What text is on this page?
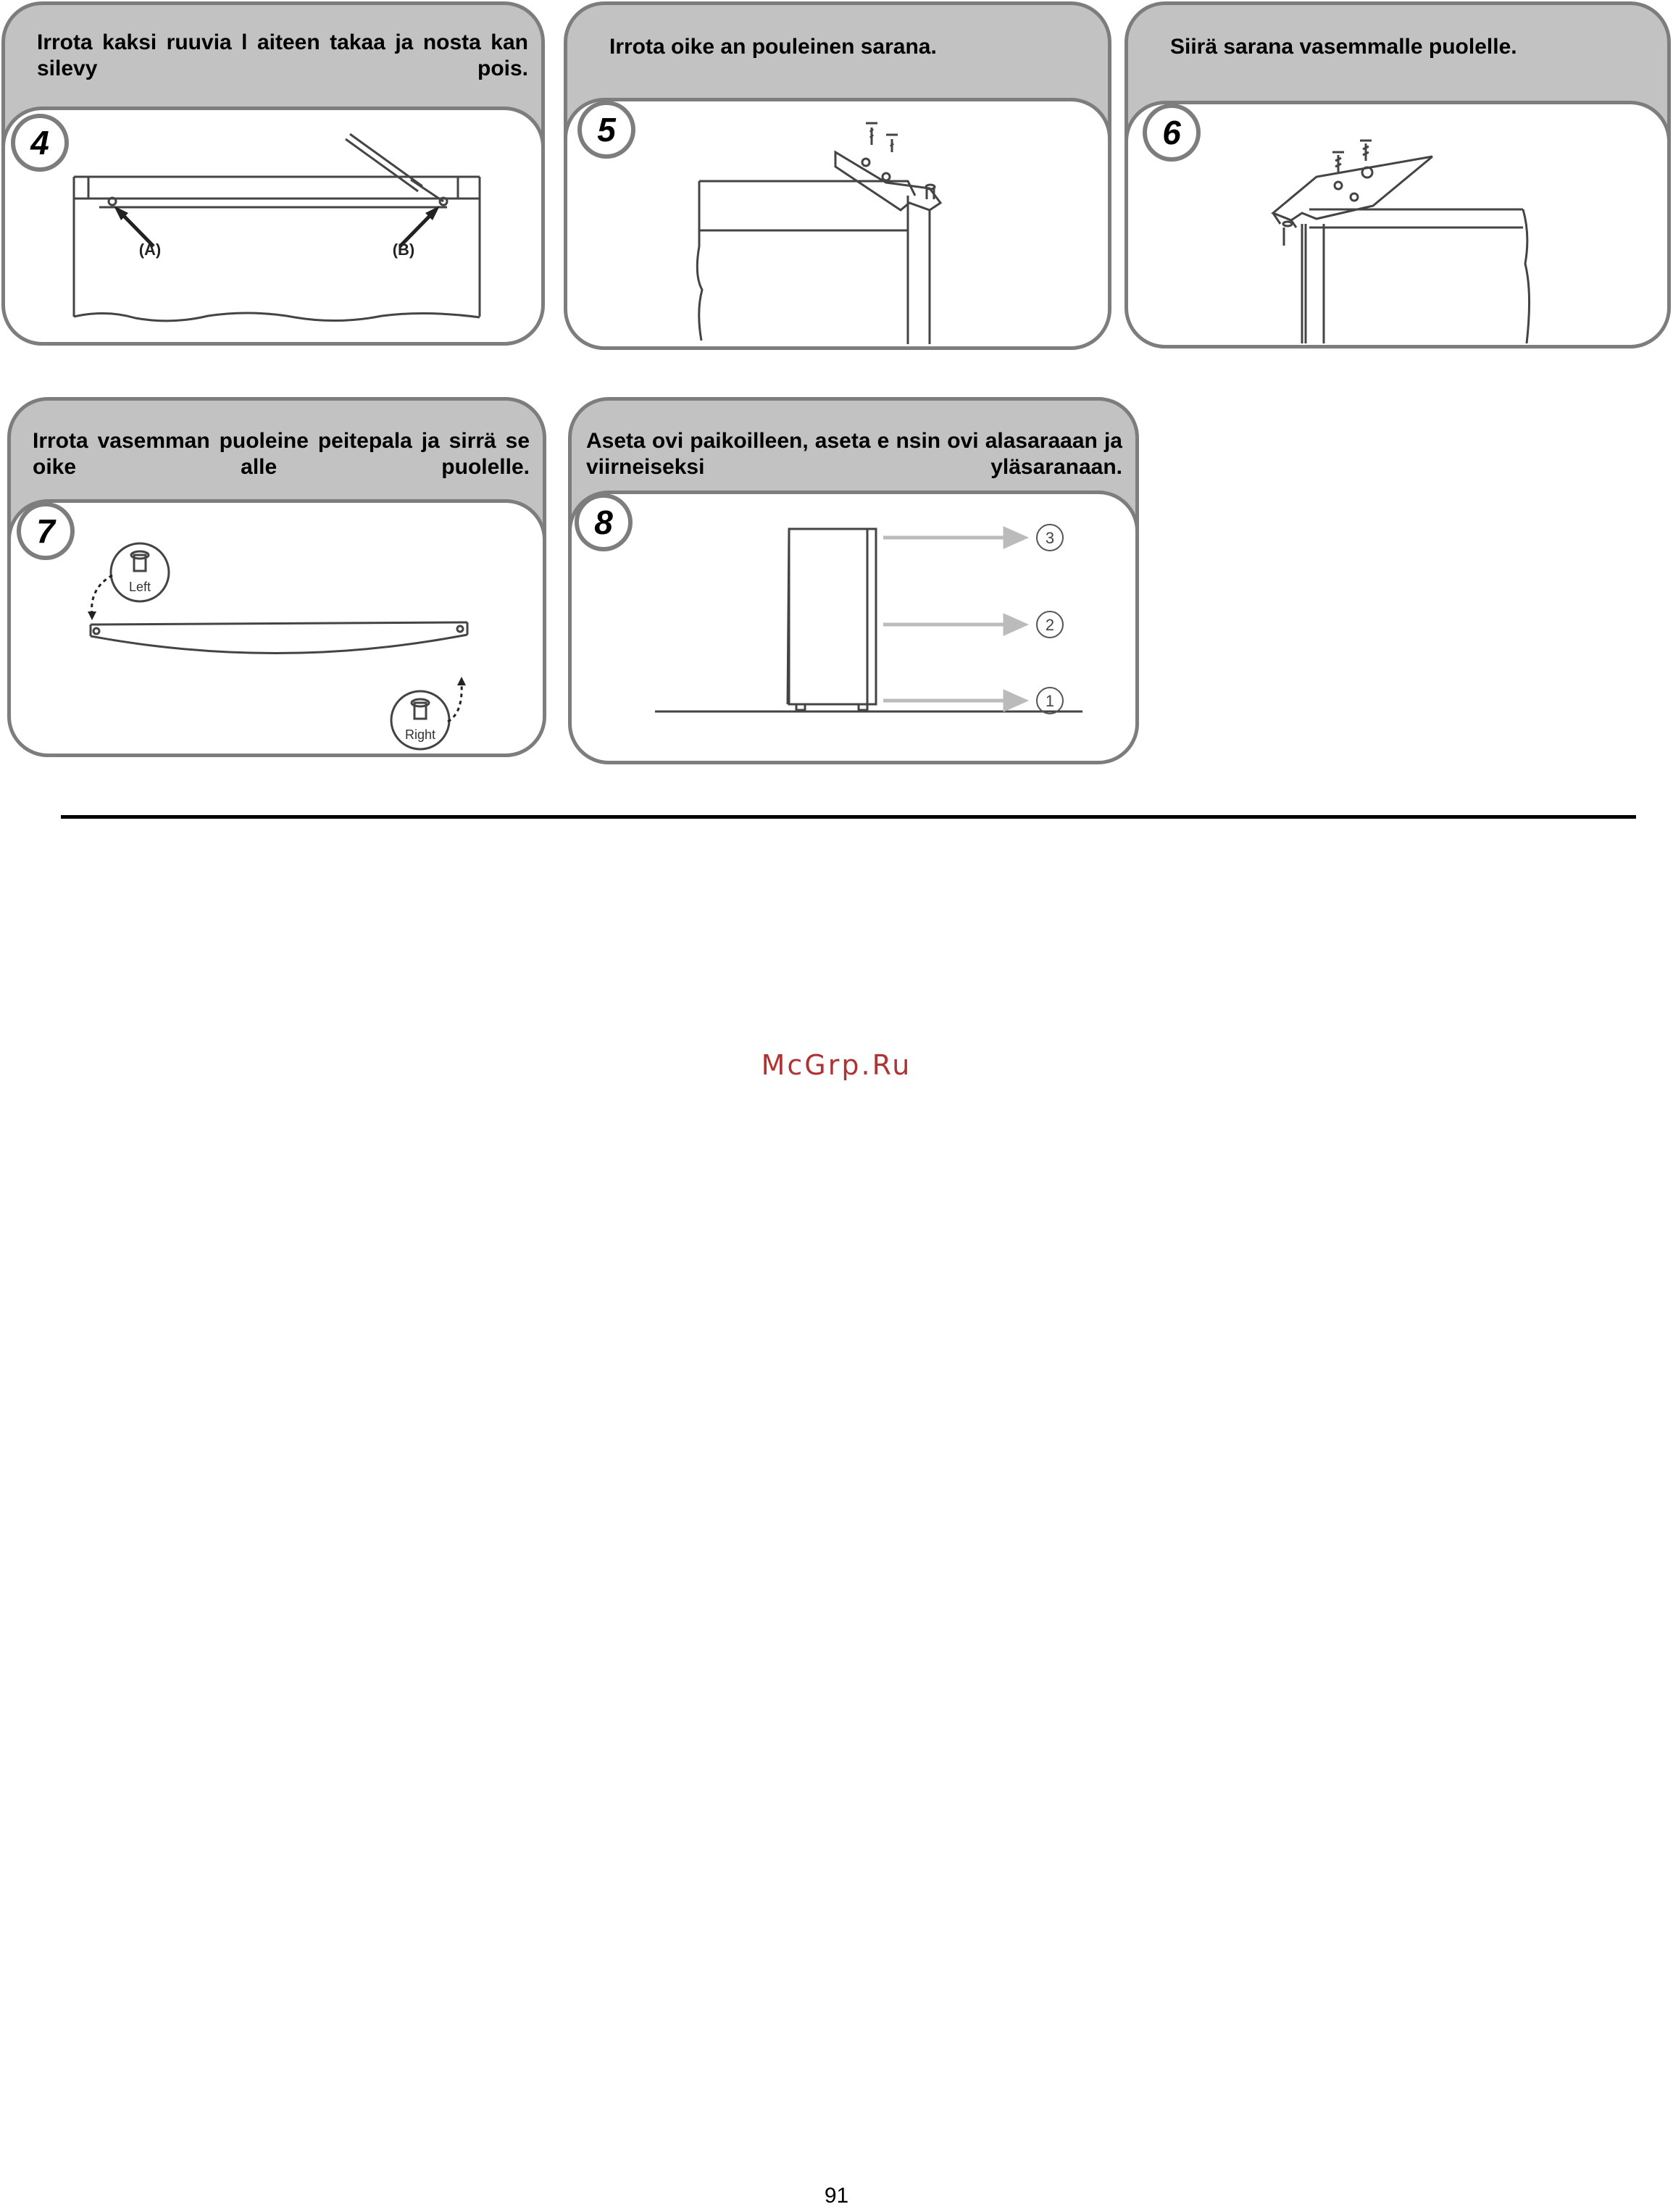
Irrota kaksi ruuvia l aiteen takaa ja nosta kan silevy pois.
(A)	(B)
4
Irrota oike an pouleinen sarana.
5
Siirä sarana vasemmalle puolelle.
6
Irrota vasemman puoleine peitepala ja sirrä se oike alle puolelle.
Left
Right
7
Aseta ovi paikoilleen, aseta e nsin ovi alasaraaan ja viirneiseksi yläsaranaan.
3
2
1
8
McGrp.Ru
91
